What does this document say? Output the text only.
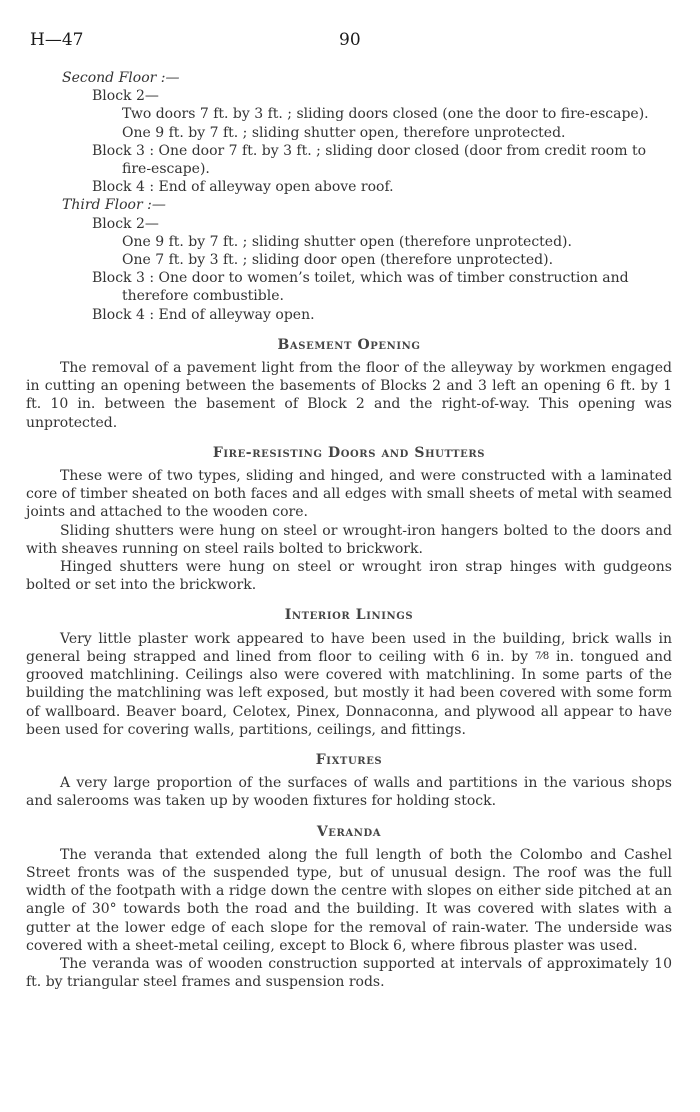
H—47	90

Second Floor :—

Block 2—

Two doors 7 ft. by 3 ft. ; sliding doors closed (one the door to fire-escape).

One 9 ft. by 7 ft. ; sliding shutter open, therefore unprotected.

Block 3 : One door 7 ft. by 3 ft. ; sliding door closed (door from credit room to

fire-escape).

Block 4 : End of alleyway open above roof.

Third Floor :—

Block 2—

One 9 ft. by 7 ft. ; sliding shutter open (therefore unprotected).

One 7 ft. by 3 ft. ; sliding door open (therefore unprotected).

Block 3 : One door to women’s toilet, which was of timber construction and

therefore combustible.

Block 4 : End of alleyway open.

Basement Opening

The removal of a pavement light from the floor of the alleyway by workmen engaged in cutting an opening between the basements of Blocks 2 and 3 left an opening 6 ft. by 1 ft. 10 in. between the basement of Block 2 and the right-of-way. This opening was unprotected.

Fire-resisting Doors and Shutters

These were of two types, sliding and hinged, and were constructed with a laminated core of timber sheated on both faces and all edges with small sheets of metal with seamed joints and attached to the wooden core.

Sliding shutters were hung on steel or wrought-iron hangers bolted to the doors and with sheaves running on steel rails bolted to brickwork.

Hinged shutters were hung on steel or wrought iron strap hinges with gudgeons bolted or set into the brickwork.

Interior Linings

Very little plaster work appeared to have been used in the building, brick walls in general being strapped and lined from floor to ceiling with 6 in. by 7⁄8 in. tongued and grooved matchlining. Ceilings also were covered with matchlining. In some parts of the building the matchlining was left exposed, but mostly it had been covered with some form of wallboard. Beaver board, Celotex, Pinex, Donnaconna, and plywood all appear to have been used for covering walls, partitions, ceilings, and fittings.

Fixtures

A very large proportion of the surfaces of walls and partitions in the various shops and salerooms was taken up by wooden fixtures for holding stock.

Veranda

The veranda that extended along the full length of both the Colombo and Cashel Street fronts was of the suspended type, but of unusual design. The roof was the full width of the footpath with a ridge down the centre with slopes on either side pitched at an angle of 30° towards both the road and the building. It was covered with slates with a gutter at the lower edge of each slope for the removal of rain-water. The underside was covered with a sheet-metal ceiling, except to Block 6, where fibrous plaster was used.

The veranda was of wooden construction supported at intervals of approximately 10 ft. by triangular steel frames and suspension rods.
